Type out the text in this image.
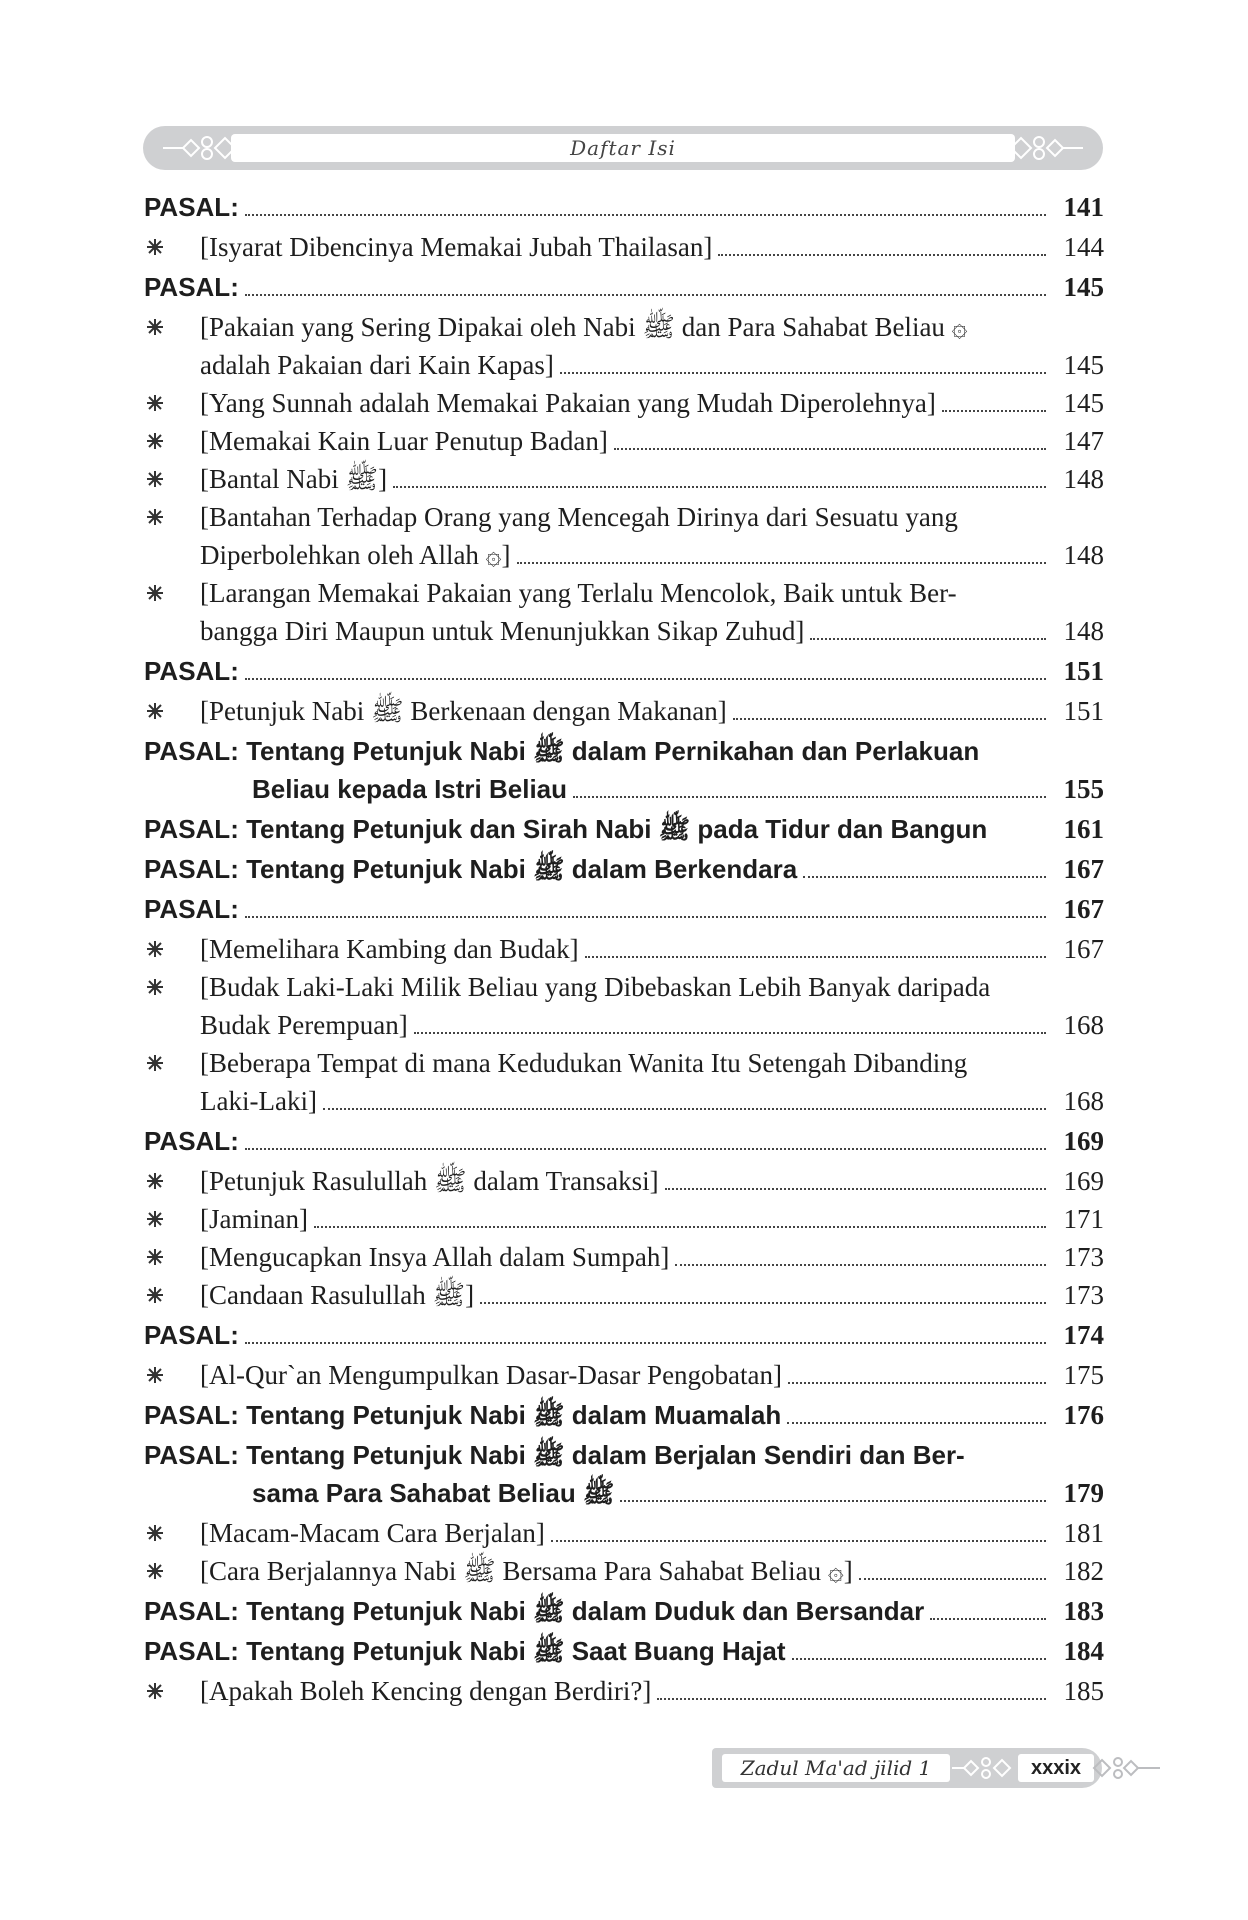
Daftar Isi
PASAL:	141
[Isyarat Dibencinya Memakai Jubah Thailasan]	144
PASAL:	145
[Pakaian yang Sering Dipakai oleh Nabi ﷺ dan Para Sahabat Beliau ۞
adalah Pakaian dari Kain Kapas]	145
[Yang Sunnah adalah Memakai Pakaian yang Mudah Diperolehnya]	145
[Memakai Kain Luar Penutup Badan]	147
[Bantal Nabi ﷺ]	148
[Bantahan Terhadap Orang yang Mencegah Dirinya dari Sesuatu yang
Diperbolehkan oleh Allah ۞]	148
[Larangan Memakai Pakaian yang Terlalu Mencolok, Baik untuk Ber-
bangga Diri Maupun untuk Menunjukkan Sikap Zuhud]	148
PASAL:	151
[Petunjuk Nabi ﷺ Berkenaan dengan Makanan]	151
PASAL: Tentang Petunjuk Nabi ﷺ dalam Pernikahan dan Perlakuan
Beliau kepada Istri Beliau	155
PASAL: Tentang Petunjuk dan Sirah Nabi ﷺ pada Tidur dan Bangun	161
PASAL: Tentang Petunjuk Nabi ﷺ dalam Berkendara	167
PASAL:	167
[Memelihara Kambing dan Budak]	167
[Budak Laki-Laki Milik Beliau yang Dibebaskan Lebih Banyak daripada
Budak Perempuan]	168
[Beberapa Tempat di mana Kedudukan Wanita Itu Setengah Dibanding
Laki-Laki]	168
PASAL:	169
[Petunjuk Rasulullah ﷺ dalam Transaksi]	169
[Jaminan]	171
[Mengucapkan Insya Allah dalam Sumpah]	173
[Candaan Rasulullah ﷺ]	173
PASAL:	174
[Al-Qur`an Mengumpulkan Dasar-Dasar Pengobatan]	175
PASAL: Tentang Petunjuk Nabi ﷺ dalam Muamalah	176
PASAL: Tentang Petunjuk Nabi ﷺ dalam Berjalan Sendiri dan Ber-
sama Para Sahabat Beliau ﷺ	179
[Macam-Macam Cara Berjalan]	181
[Cara Berjalannya Nabi ﷺ Bersama Para Sahabat Beliau ۞]	182
PASAL: Tentang Petunjuk Nabi ﷺ dalam Duduk dan Bersandar	183
PASAL: Tentang Petunjuk Nabi ﷺ Saat Buang Hajat	184
[Apakah Boleh Kencing dengan Berdiri?]	185
Zadul Ma'ad jilid 1	xxxix
